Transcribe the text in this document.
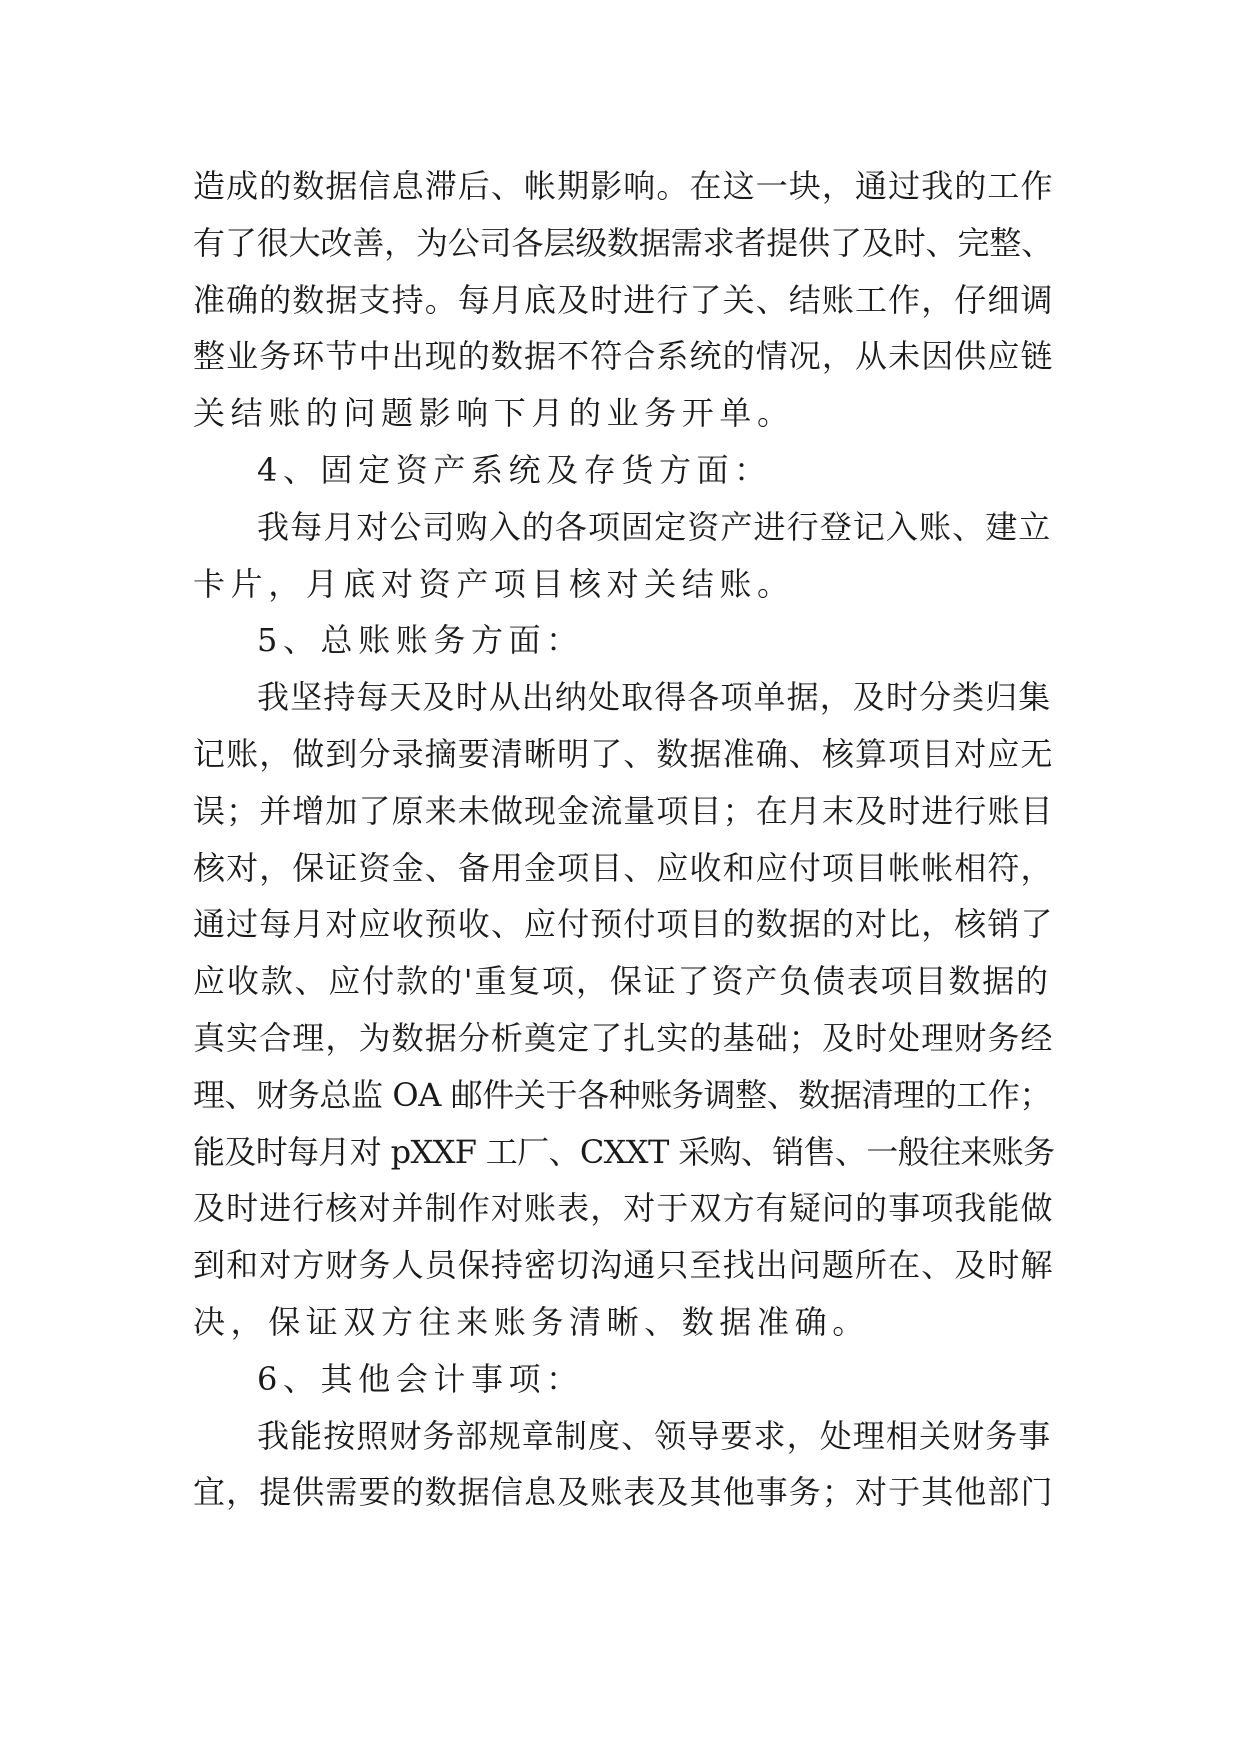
造成的数据信息滞后、帐期影响。在这一块，通过我的工作
有了很大改善，为公司各层级数据需求者提供了及时、完整、
准确的数据支持。每月底及时进行了关、结账工作，仔细调
整业务环节中出现的数据不符合系统的情况，从未因供应链
关结账的问题影响下月的业务开单。
4、固定资产系统及存货方面：
我每月对公司购入的各项固定资产进行登记入账、建立
卡片，月底对资产项目核对关结账。
5、总账账务方面：
我坚持每天及时从出纳处取得各项单据，及时分类归集
记账，做到分录摘要清晰明了、数据准确、核算项目对应无
误；并增加了原来未做现金流量项目；在月末及时进行账目
核对，保证资金、备用金项目、应收和应付项目帐帐相符，
通过每月对应收预收、应付预付项目的数据的对比，核销了
应收款、应付款的'重复项，保证了资产负债表项目数据的
真实合理，为数据分析奠定了扎实的基础；及时处理财务经
理、财务总监 OA 邮件关于各种账务调整、数据清理的工作；
能及时每月对 pXXF 工厂、CXXT 采购、销售、一般往来账务
及时进行核对并制作对账表，对于双方有疑问的事项我能做
到和对方财务人员保持密切沟通只至找出问题所在、及时解
决，保证双方往来账务清晰、数据准确。
6、其他会计事项：
我能按照财务部规章制度、领导要求，处理相关财务事
宜，提供需要的数据信息及账表及其他事务；对于其他部门
